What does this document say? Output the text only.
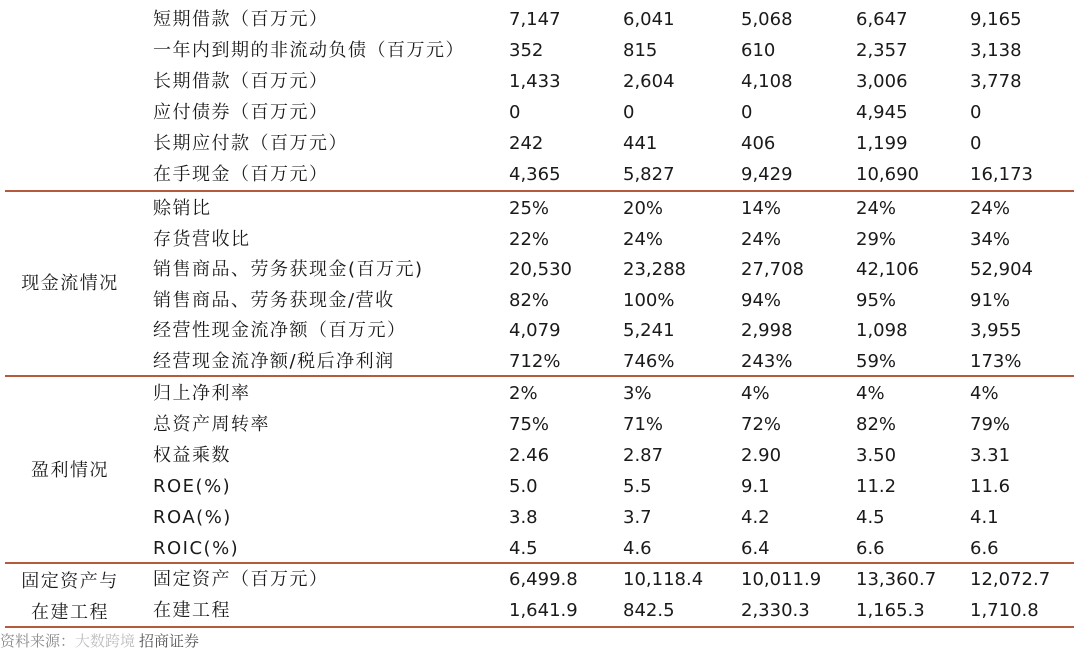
现金流情况
盈利情况
固定资产与
在建工程
资料来源：大数跨境 招商证券
短期借款（百万元）	7,147	6,041	5,068	6,647	9,165
一年内到期的非流动负债（百万元） 352	815	610	2,357	3,138
长期借款（百万元）	1,433	2,604	4,108	3,006	3,778
应付债券（百万元）	0	0	0	4,945	0
长期应付款（百万元）	242	441	406	1,199	0
在手现金（百万元）	4,365	5,827	9,429	10,690	16,173
赊销比	25%	20%	14%	24%	24%
存货营收比	22%	24%	24%	29%	34%
销售商品、劳务获现金(百万元)	20,530	23,288	27,708	42,106	52,904
销售商品、劳务获现金/营收	82%	100%	94%	95%	91%
经营性现金流净额（百万元）	4,079	5,241	2,998	1,098	3,955
经营现金流净额/税后净利润	712%	746%	243%	59%	173%
归上净利率	2%	3%	4%	4%	4%
总资产周转率	75%	71%	72%	82%	79%
权益乘数	2.46	2.87	2.90	3.50	3.31
ROE(%)	5.0	5.5	9.1	11.2	11.6
ROA(%)	3.8	3.7	4.2	4.5	4.1
ROIC(%)	4.5	4.6	6.4	6.6	6.6
固定资产（百万元）	6,499.8	10,118.4 10,011.9 13,360.7 12,072.7
在建工程	1,641.9	842.5	2,330.3	1,165.3	1,710.8
